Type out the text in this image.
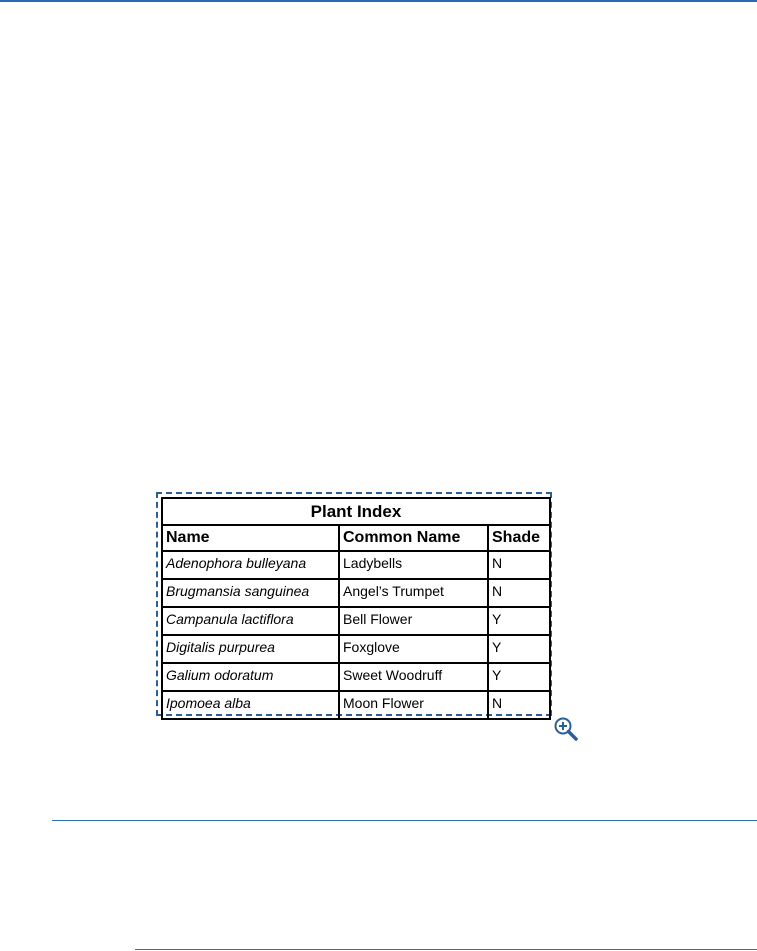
Plant Index		
Name	Common Name	Shade
Adenophora bulleyana	Ladybells	N
Brugmansia sanguinea	Angel’s Trumpet	N
Campanula lactiflora	Bell Flower	Y
Digitalis purpurea	Foxglove	Y
Galium odoratum	Sweet Woodruff	Y
Ipomoea alba	Moon Flower	N
